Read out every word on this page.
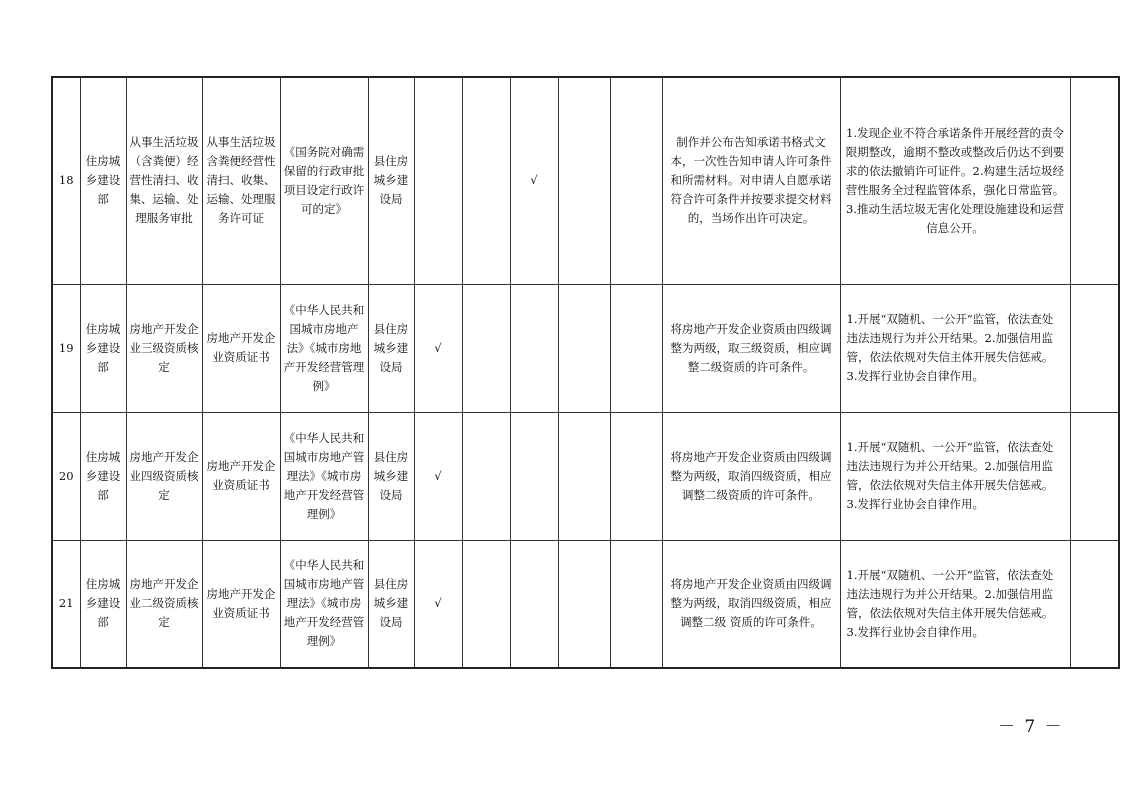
18	住房城乡建设部	从事生活垃圾（含粪便）经营性清扫、收集、运输、处理服务审批	从事生活垃圾含粪便经营性清扫、收集、运输、处理服务许可证	《国务院对确需保留的行政审批项目设定行政许可的定》	县住房城乡建设局			√			制作并公布告知承诺书格式文本，一次性告知申请人许可条件和所需材料。对申请人自愿承诺符合许可条件并按要求提交材料的，当场作出许可决定。	1.发现企业不符合承诺条件开展经营的责令限期整改，逾期不整改或整改后仍达不到要求的依法撤销许可证件。2.构建生活垃圾经营性服务全过程监管体系，强化日常监管。3.推动生活垃圾无害化处理设施建设和运营信息公开。	
19	住房城乡建设部	房地产开发企业三级资质核定	房地产开发企业资质证书	《中华人民共和国城市房地产法》《城市房地产开发经营管理例》	县住房城乡建设局	√					将房地产开发企业资质由四级调整为两级，取三级资质，相应调整二级资质的许可条件。	1.开展“双随机、一公开”监管，依法查处违法违规行为并公开结果。2.加强信用监管，依法依规对失信主体开展失信惩戒。3.发挥行业协会自律作用。	
20	住房城乡建设部	房地产开发企业四级资质核定	房地产开发企业资质证书	《中华人民共和国城市房地产管理法》《城市房地产开发经营管理例》	县住房城乡建设局	√					将房地产开发企业资质由四级调整为两级，取消四级资质，相应调整二级资质的许可条件。	1.开展“双随机、一公开”监管，依法查处违法违规行为并公开结果。2.加强信用监管，依法依规对失信主体开展失信惩戒。3.发挥行业协会自律作用。	
21	住房城乡建设部	房地产开发企业二级资质核定	房地产开发企业资质证书	《中华人民共和国城市房地产管理法》《城市房地产开发经营管理例》	县住房城乡建设局	√					将房地产开发企业资质由四级调整为两级，取消四级资质，相应调整二级 资质的许可条件。	1.开展“双随机、一公开”监管，依法查处违法违规行为并公开结果。2.加强信用监管，依法依规对失信主体开展失信惩戒。3.发挥行业协会自律作用。	
－ 7 －
